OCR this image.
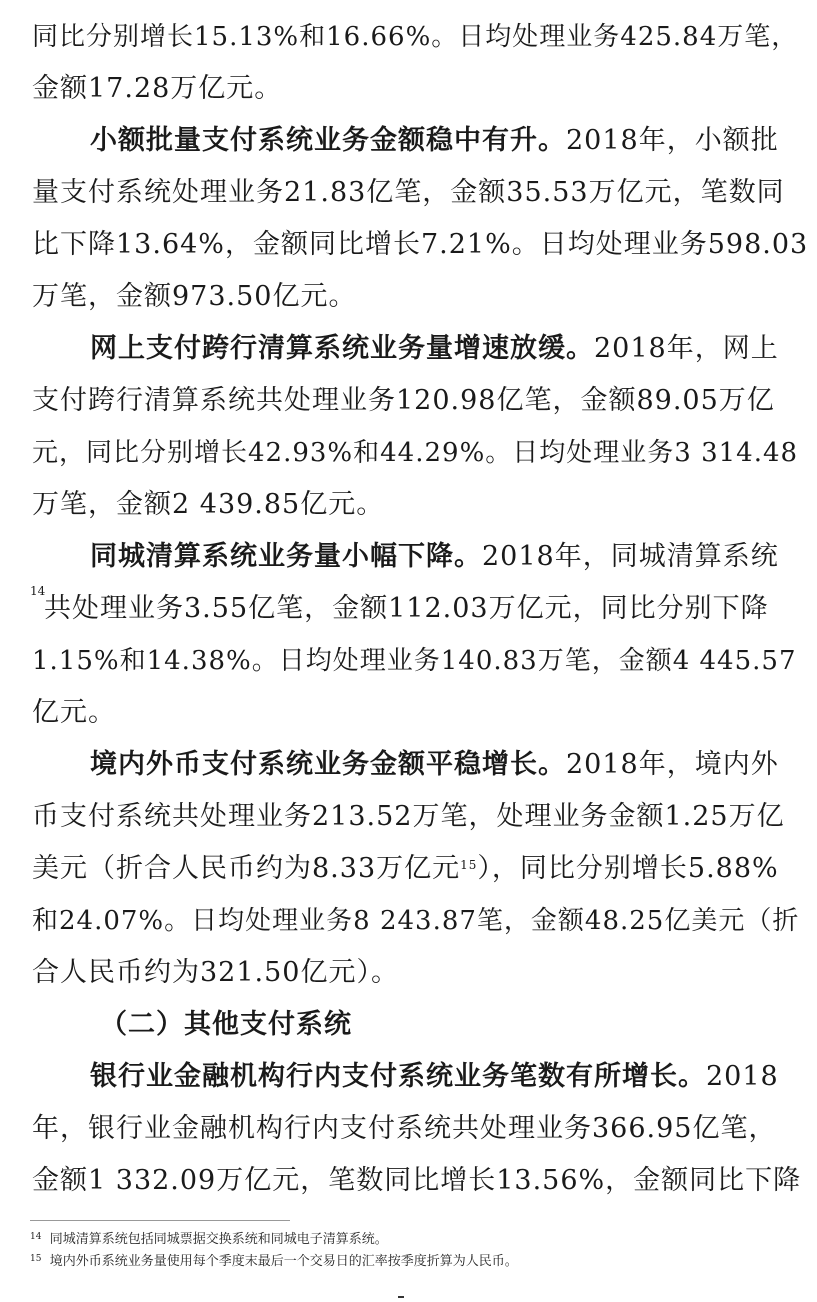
同比分别增长15.13%和16.66%。日均处理业务425.84万笔，
金额17.28万亿元。
小额批量支付系统业务金额稳中有升。2018年，小额批
量支付系统处理业务21.83亿笔，金额35.53万亿元，笔数同
比下降13.64%，金额同比增长7.21%。日均处理业务598.03
万笔，金额973.50亿元。
网上支付跨行清算系统业务量增速放缓。2018年，网上
支付跨行清算系统共处理业务120.98亿笔，金额89.05万亿
元，同比分别增长42.93%和44.29%。日均处理业务3 314.48
万笔，金额2 439.85亿元。
同城清算系统业务量小幅下降。2018年，同城清算系统
14
共处理业务3.55亿笔，金额112.03万亿元，同比分别下降
1.15%和14.38%。日均处理业务140.83万笔，金额4 445.57
亿元。
境内外币支付系统业务金额平稳增长。2018年，境内外
币支付系统共处理业务213.52万笔，处理业务金额1.25万亿
美元（折合人民币约为8.33万亿元$^{15}$），同比分别增长5.88%
和24.07%。日均处理业务8 243.87笔，金额48.25亿美元（折
合人民币约为321.50亿元）。
（二）其他支付系统
银行业金融机构行内支付系统业务笔数有所增长。2018
年，银行业金融机构行内支付系统共处理业务366.95亿笔，
金额1 332.09万亿元，笔数同比增长13.56%，金额同比下降
$^{14}$ 同城清算系统包括同城票据交换系统和同城电子清算系统。
$^{15}$ 境内外币系统业务量使用每个季度末最后一个交易日的汇率按季度折算为人民币。
